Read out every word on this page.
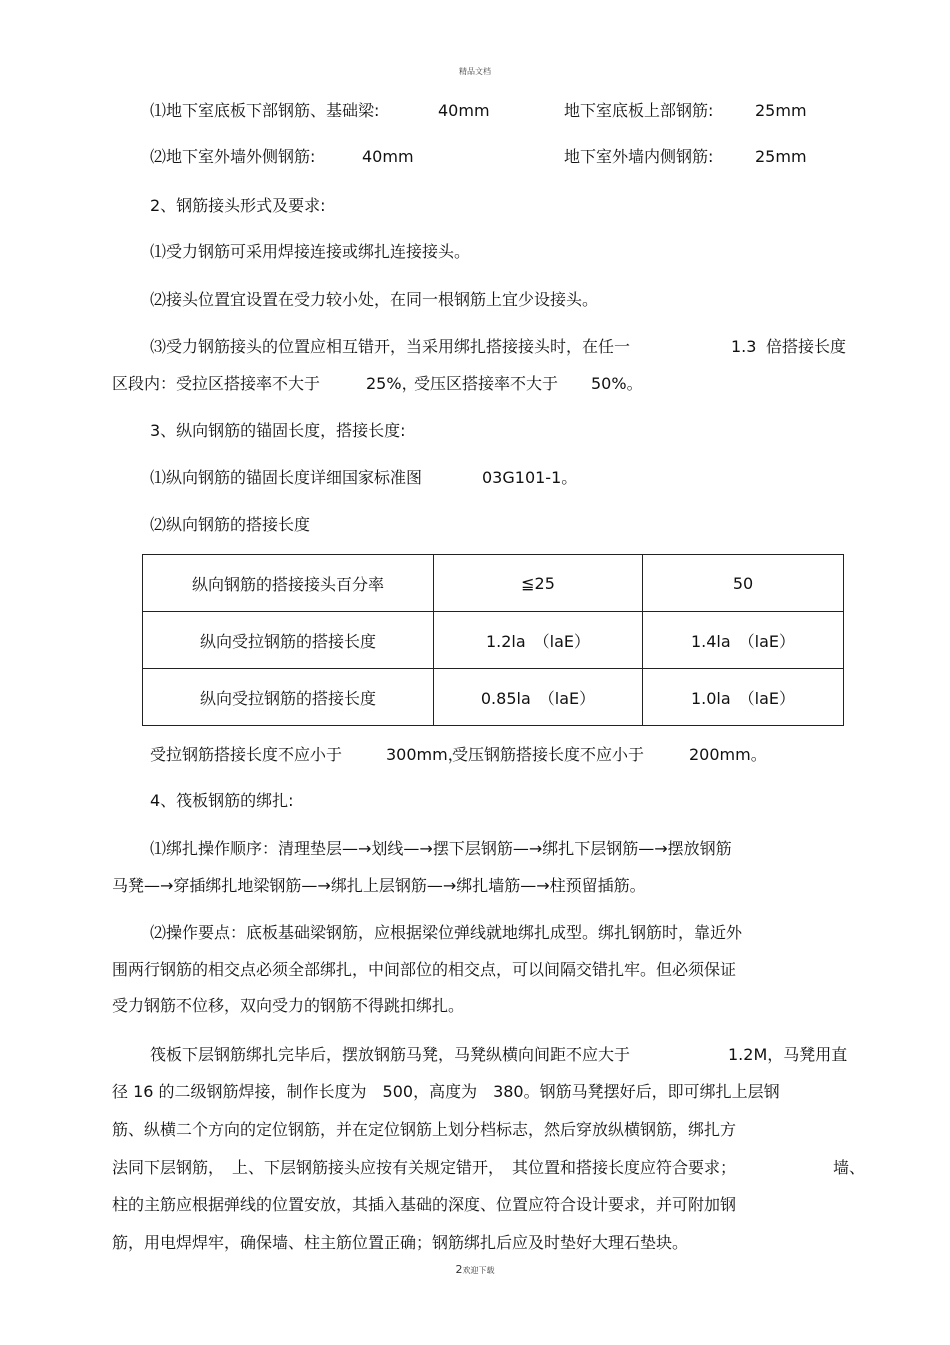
精品文档
⑴地下室底板下部钢筋、基础梁:	40mm	地下室底板上部钢筋:	25mm
⑵地下室外墙外侧钢筋:	40mm	地下室外墙内侧钢筋:	25mm
2、钢筋接头形式及要求:
⑴受力钢筋可采用焊接连接或绑扎连接接头。
⑵接头位置宜设置在受力较小处，在同一根钢筋上宜少设接头。
⑶受力钢筋接头的位置应相互错开，当采用绑扎搭接接头时，在任一	1.3 倍搭接长度
区段内：受拉区搭接率不大于	25%，
受压区搭接率不大于 50%。
3、纵向钢筋的锚固长度，搭接长度:
⑴纵向钢筋的锚固长度详细国家标准图	03G101-1。
⑵纵向钢筋的搭接长度
纵向钢筋的搭接接头百分率	≦25	50
纵向受拉钢筋的搭接长度	1.2la　（laE）	1.4la　（laE）
纵向受拉钢筋的搭接长度	0.85la　（laE）	1.0la　（laE）
受拉钢筋搭接长度不应小于	300mm，
受压钢筋搭接长度不应小于	200mm。
4、筏板钢筋的绑扎:
⑴绑扎操作顺序：清理垫层—→划线—→摆下层钢筋—→绑扎下层钢筋—→摆放钢筋
马凳—→穿插绑扎地梁钢筋—→绑扎上层钢筋—→绑扎墙筋—→柱预留插筋。
⑵操作要点：底板基础梁钢筋，应根据梁位弹线就地绑扎成型。绑扎钢筋时，靠近外
围两行钢筋的相交点必须全部绑扎，中间部位的相交点，可以间隔交错扎牢。但必须保证
受力钢筋不位移，双向受力的钢筋不得跳扣绑扎。
筏板下层钢筋绑扎完毕后，摆放钢筋马凳，马凳纵横向间距不应大于	1.2M，马凳用直
径 16 的二级钢筋焊接，制作长度为　500，高度为　380。钢筋马凳摆好后，即可绑扎上层钢
筋、纵横二个方向的定位钢筋，并在定位钢筋上划分档标志，然后穿放纵横钢筋，绑扎方
法同下层钢筋，　上、下层钢筋接头应按有关规定错开，　其位置和搭接长度应符合要求；	墙、
柱的主筋应根据弹线的位置安放，其插入基础的深度、位置应符合设计要求，并可附加钢
筋，用电焊焊牢，确保墙、柱主筋位置正确；钢筋绑扎后应及时垫好大理石垫块。
2欢迎下载
